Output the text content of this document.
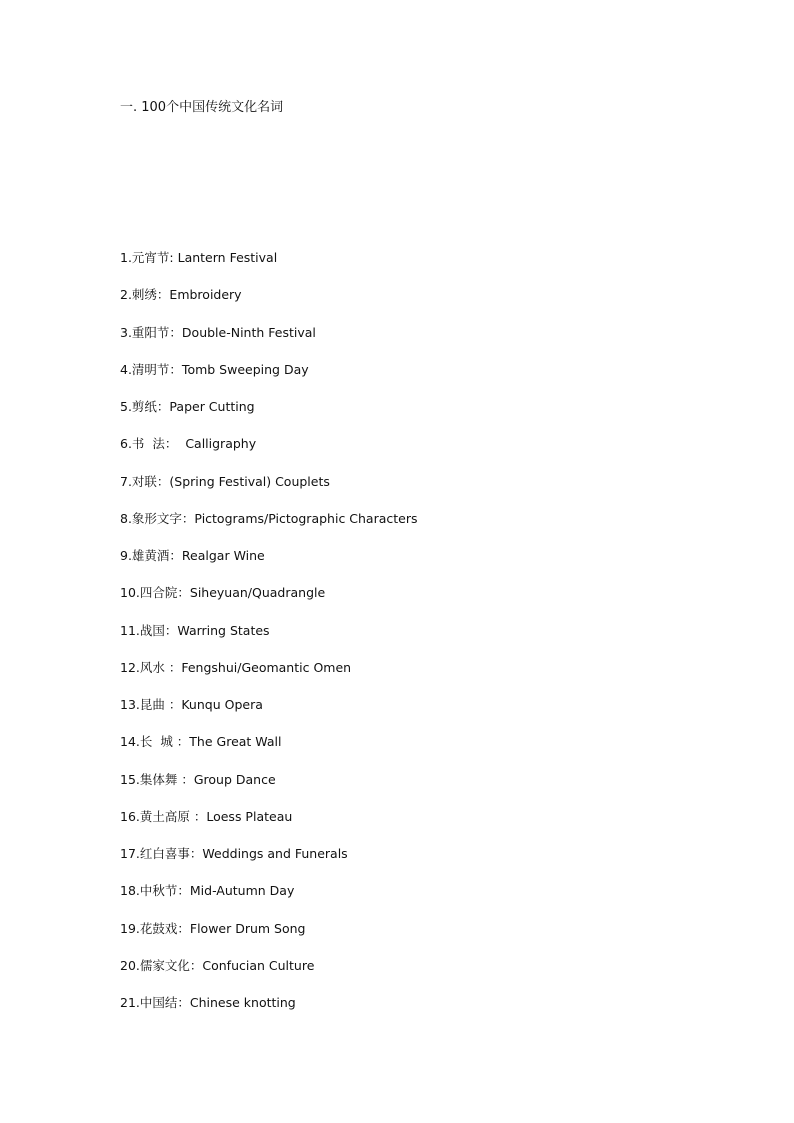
一. 100个中国传统文化名词
1.元宵节: Lantern Festival
2.刺绣：Embroidery
3.重阳节：Double-Ninth Festival
4.清明节：Tomb Sweeping Day
5.剪纸：Paper Cutting
6.书  法：  Calligraphy
7.对联：(Spring Festival) Couplets
8.象形文字：Pictograms/Pictographic Characters
9.雄黄酒：Realgar Wine
10.四合院：Siheyuan/Quadrangle
11.战国：Warring States
12.风水 ：Fengshui/Geomantic Omen
13.昆曲 ：Kunqu Opera
14.长  城 ：The Great Wall
15.集体舞 ：Group Dance
16.黄土高原 ：Loess Plateau
17.红白喜事：Weddings and Funerals
18.中秋节：Mid-Autumn Day
19.花鼓戏：Flower Drum Song
20.儒家文化：Confucian Culture
21.中国结：Chinese knotting
